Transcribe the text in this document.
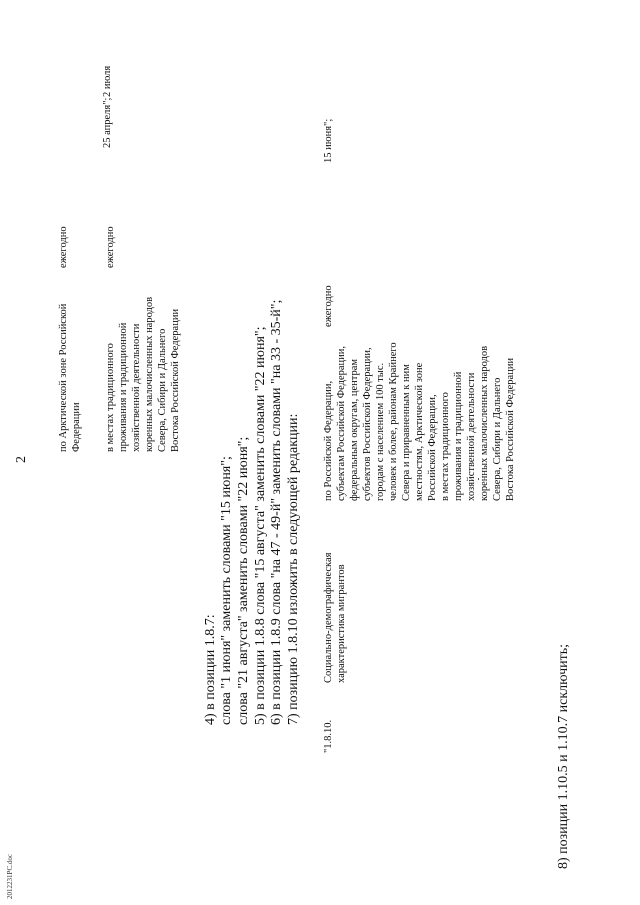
2
по Арктической зоне Российской Федерации
ежегодно
2 июля
в местах традиционного проживания и традиционной хозяйственной деятельности коренных малочисленных народов Севера, Сибири и Дальнего Востока Российской Федерации
ежегодно
25 апреля";
4) в позиции 1.8.7: слова "1 июня" заменить словами "15 июня"; слова "21 августа" заменить словами "22 июня"; 5) в позиции 1.8.8 слова "15 августа" заменить словами "22 июня"; 6) в позиции 1.8.9 слова "на 47 - 49-й" заменить словами "на 33 - 35-й"; 7) позицию 1.8.10 изложить в следующей редакции:
"1.8.10.
Социально-демографическая характеристика мигрантов
по Российской Федерации, субъектам Российской Федерации, федеральным округам, центрам субъектов Российской Федерации, городам с населением 100 тыс. человек и более, районам Крайнего Севера и приравненным к ним местностям, Арктической зоне Российской Федерации, в местах традиционного проживания и традиционной хозяйственной деятельности коренных малочисленных народов Севера, Сибири и Дальнего Востока Российской Федерации
ежегодно
15 июня";
8) позиции 1.10.5 и 1.10.7 исключить;
2012231РС.doc
